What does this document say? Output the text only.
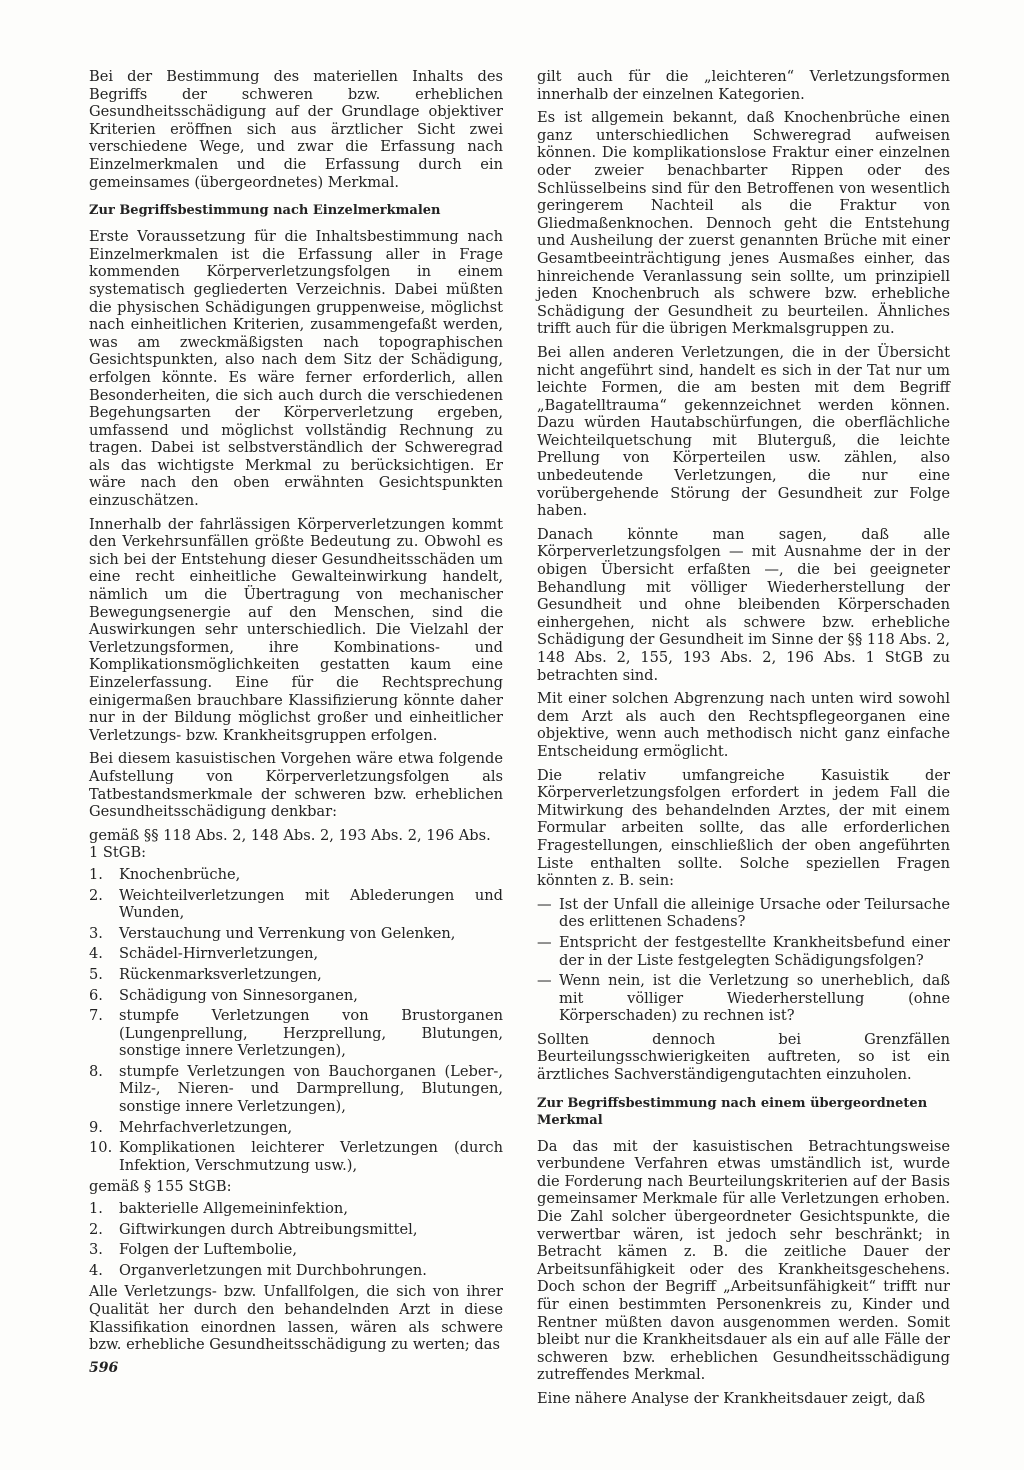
Bei der Bestimmung des materiellen Inhalts des Begriffs der schweren bzw. erheblichen Gesundheitsschädigung auf der Grundlage objektiver Kriterien eröffnen sich aus ärztlicher Sicht zwei verschiedene Wege, und zwar die Erfassung nach Einzelmerkmalen und die Erfassung durch ein gemeinsames (übergeordnetes) Merkmal.

Zur Begriffsbestimmung nach Einzelmerkmalen

Erste Voraussetzung für die Inhaltsbestimmung nach Einzelmerkmalen ist die Erfassung aller in Frage kommenden Körperverletzungsfolgen in einem systematisch gegliederten Verzeichnis. Dabei müßten die physischen Schädigungen gruppenweise, möglichst nach einheitlichen Kriterien, zusammengefaßt werden, was am zweckmäßigsten nach topographischen Gesichtspunkten, also nach dem Sitz der Schädigung, erfolgen könnte. Es wäre ferner erforderlich, allen Besonderheiten, die sich auch durch die verschiedenen Begehungsarten der Körperverletzung ergeben, umfassend und möglichst vollständig Rechnung zu tragen. Dabei ist selbstverständlich der Schweregrad als das wichtigste Merkmal zu berücksichtigen. Er wäre nach den oben erwähnten Gesichtspunkten einzuschätzen.

Innerhalb der fahrlässigen Körperverletzungen kommt den Verkehrsunfällen größte Bedeutung zu. Obwohl es sich bei der Entstehung dieser Gesundheitsschäden um eine recht einheitliche Gewalteinwirkung handelt, nämlich um die Übertragung von mechanischer Bewegungsenergie auf den Menschen, sind die Auswirkungen sehr unterschiedlich. Die Vielzahl der Verletzungsformen, ihre Kombinations- und Komplikationsmöglichkeiten gestatten kaum eine Einzelerfassung. Eine für die Rechtsprechung einigermaßen brauchbare Klassifizierung könnte daher nur in der Bildung möglichst großer und einheitlicher Verletzungs- bzw. Krankheitsgruppen erfolgen.

Bei diesem kasuistischen Vorgehen wäre etwa folgende Aufstellung von Körperverletzungsfolgen als Tatbestandsmerkmale der schweren bzw. erheblichen Gesundheitsschädigung denkbar:

gemäß §§ 118 Abs. 2, 148 Abs. 2, 193 Abs. 2, 196 Abs. 1 StGB:
1.	Knochenbrüche,
2.	Weichteilverletzungen mit Ablederungen und Wunden,
3.	Verstauchung und Verrenkung von Gelenken,
4.	Schädel-Hirnverletzungen,
5.	Rückenmarksverletzungen,
6.	Schädigung von Sinnesorganen,
7.	stumpfe Verletzungen von Brustorganen (Lungenprellung, Herzprellung, Blutungen, sonstige innere Verletzungen),
8.	stumpfe Verletzungen von Bauchorganen (Leber-, Milz-, Nieren- und Darmprellung, Blutungen, sonstige innere Verletzungen),
9.	Mehrfachverletzungen,
10. Komplikationen leichterer Verletzungen (durch Infektion, Verschmutzung usw.),
gemäß § 155 StGB:
1.	bakterielle Allgemeininfektion,
2.	Giftwirkungen durch Abtreibungsmittel,
3.	Folgen der Luftembolie,
4.	Organverletzungen mit Durchbohrungen.

Alle Verletzungs- bzw. Unfallfolgen, die sich von ihrer Qualität her durch den behandelnden Arzt in diese Klassifikation einordnen lassen, wären als schwere bzw. erhebliche Gesundheitsschädigung zu werten; das

gilt auch für die „leichteren“ Verletzungsformen innerhalb der einzelnen Kategorien.

Es ist allgemein bekannt, daß Knochenbrüche einen ganz unterschiedlichen Schweregrad aufweisen können. Die komplikationslose Fraktur einer einzelnen oder zweier benachbarter Rippen oder des Schlüsselbeins sind für den Betroffenen von wesentlich geringerem Nachteil als die Fraktur von Gliedmaßenknochen. Dennoch geht die Entstehung und Ausheilung der zuerst genannten Brüche mit einer Gesamtbeeinträchtigung jenes Ausmaßes einher, das hinreichende Veranlassung sein sollte, um prinzipiell jeden Knochenbruch als schwere bzw. erhebliche Schädigung der Gesundheit zu beurteilen. Ähnliches trifft auch für die übrigen Merkmalsgruppen zu.

Bei allen anderen Verletzungen, die in der Übersicht nicht angeführt sind, handelt es sich in der Tat nur um leichte Formen, die am besten mit dem Begriff „Bagatelltrauma“ gekennzeichnet werden können. Dazu würden Hautabschürfungen, die oberflächliche Weichteilquetschung mit Bluterguß, die leichte Prellung von Körperteilen usw. zählen, also unbedeutende Verletzungen, die nur eine vorübergehende Störung der Gesundheit zur Folge haben.

Danach könnte man sagen, daß alle Körperverletzungsfolgen — mit Ausnahme der in der obigen Übersicht erfaßten —, die bei geeigneter Behandlung mit völliger Wiederherstellung der Gesundheit und ohne bleibenden Körperschaden einhergehen, nicht als schwere bzw. erhebliche Schädigung der Gesundheit im Sinne der §§ 118 Abs. 2, 148 Abs. 2, 155, 193 Abs. 2, 196 Abs. 1 StGB zu betrachten sind.

Mit einer solchen Abgrenzung nach unten wird sowohl dem Arzt als auch den Rechtspflegeorganen eine objektive, wenn auch methodisch nicht ganz einfache Entscheidung ermöglicht.

Die relativ umfangreiche Kasuistik der Körperverletzungsfolgen erfordert in jedem Fall die Mitwirkung des behandelnden Arztes, der mit einem Formular arbeiten sollte, das alle erforderlichen Fragestellungen, einschließlich der oben angeführten Liste enthalten sollte. Solche speziellen Fragen könnten z. B. sein:

— Ist der Unfall die alleinige Ursache oder Teilursache des erlittenen Schadens?
— Entspricht der festgestellte Krankheitsbefund einer der in der Liste festgelegten Schädigungsfolgen?
— Wenn nein, ist die Verletzung so unerheblich, daß mit völliger Wiederherstellung (ohne Körperschaden) zu rechnen ist?

Sollten dennoch bei Grenzfällen Beurteilungsschwierigkeiten auftreten, so ist ein ärztliches Sachverständigengutachten einzuholen.

Zur Begriffsbestimmung nach einem übergeordneten Merkmal

Da das mit der kasuistischen Betrachtungsweise verbundene Verfahren etwas umständlich ist, wurde die Forderung nach Beurteilungskriterien auf der Basis gemeinsamer Merkmale für alle Verletzungen erhoben. Die Zahl solcher übergeordneter Gesichtspunkte, die verwertbar wären, ist jedoch sehr beschränkt; in Betracht kämen z. B. die zeitliche Dauer der Arbeitsunfähigkeit oder des Krankheitsgeschehens. Doch schon der Begriff „Arbeitsunfähigkeit“ trifft nur für einen bestimmten Personenkreis zu, Kinder und Rentner müßten davon ausgenommen werden. Somit bleibt nur die Krankheitsdauer als ein auf alle Fälle der schweren bzw. erheblichen Gesundheitsschädigung zutreffendes Merkmal.

Eine nähere Analyse der Krankheitsdauer zeigt, daß

596
